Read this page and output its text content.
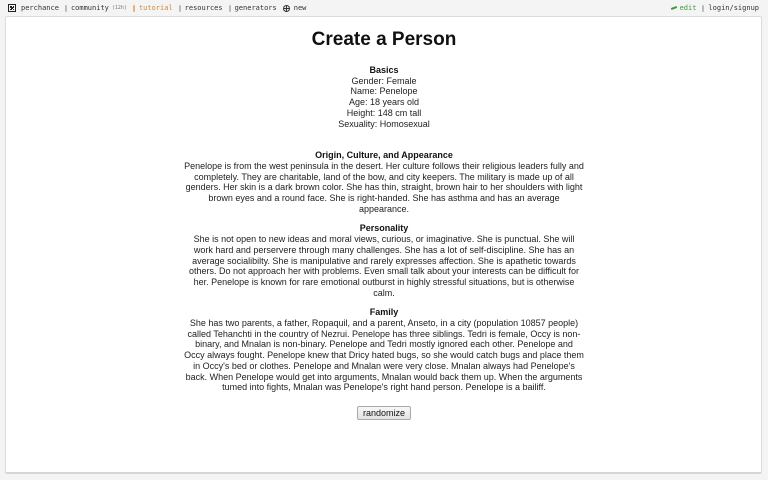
perchance community (12h) tutorial resources generators new	edit login/signup
Create a Person
Basics
Gender: Female
Name: Penelope
Age: 18 years old
Height: 148 cm tall
Sexuality: Homosexual
Origin, Culture, and Appearance

Penelope is from the west peninsula in the desert. Her culture follows their religious leaders fully and completely. They are charitable, land of the bow, and city keepers. The military is made up of all genders. Her skin is a dark brown color. She has thin, straight, brown hair to her shoulders with light brown eyes and a round face. She is right-handed. She has asthma and has an average appearance.

Personality

She is not open to new ideas and moral views, curious, or imaginative. She is punctual. She will work hard and perservere through many challenges. She has a lot of self-discipline. She has an average socialibilty. She is manipulative and rarely expresses affection. She is apathetic towards others. Do not approach her with problems. Even small talk about your interests can be difficult for her. Penelope is known for rare emotional outburst in highly stressful situations, but is otherwise calm.

Family

She has two parents, a father, Ropaquil, and a parent, Anseto, in a city (population 10857 people) called Tehanchti in the country of Nezrui. Penelope has three siblings. Tedri is female, Occy is non-binary, and Mnalan is non-binary. Penelope and Tedri mostly ignored each other. Penelope and Occy always fought. Penelope knew that Dricy hated bugs, so she would catch bugs and place them in Occy's bed or clothes. Penelope and Mnalan were very close. Mnalan always had Penelope's back. When Penelope would get into arguments, Mnalan would back them up. When the arguments tumed into fights, Mnalan was Penelope's right hand person. Penelope is a bailiff.

randomize
